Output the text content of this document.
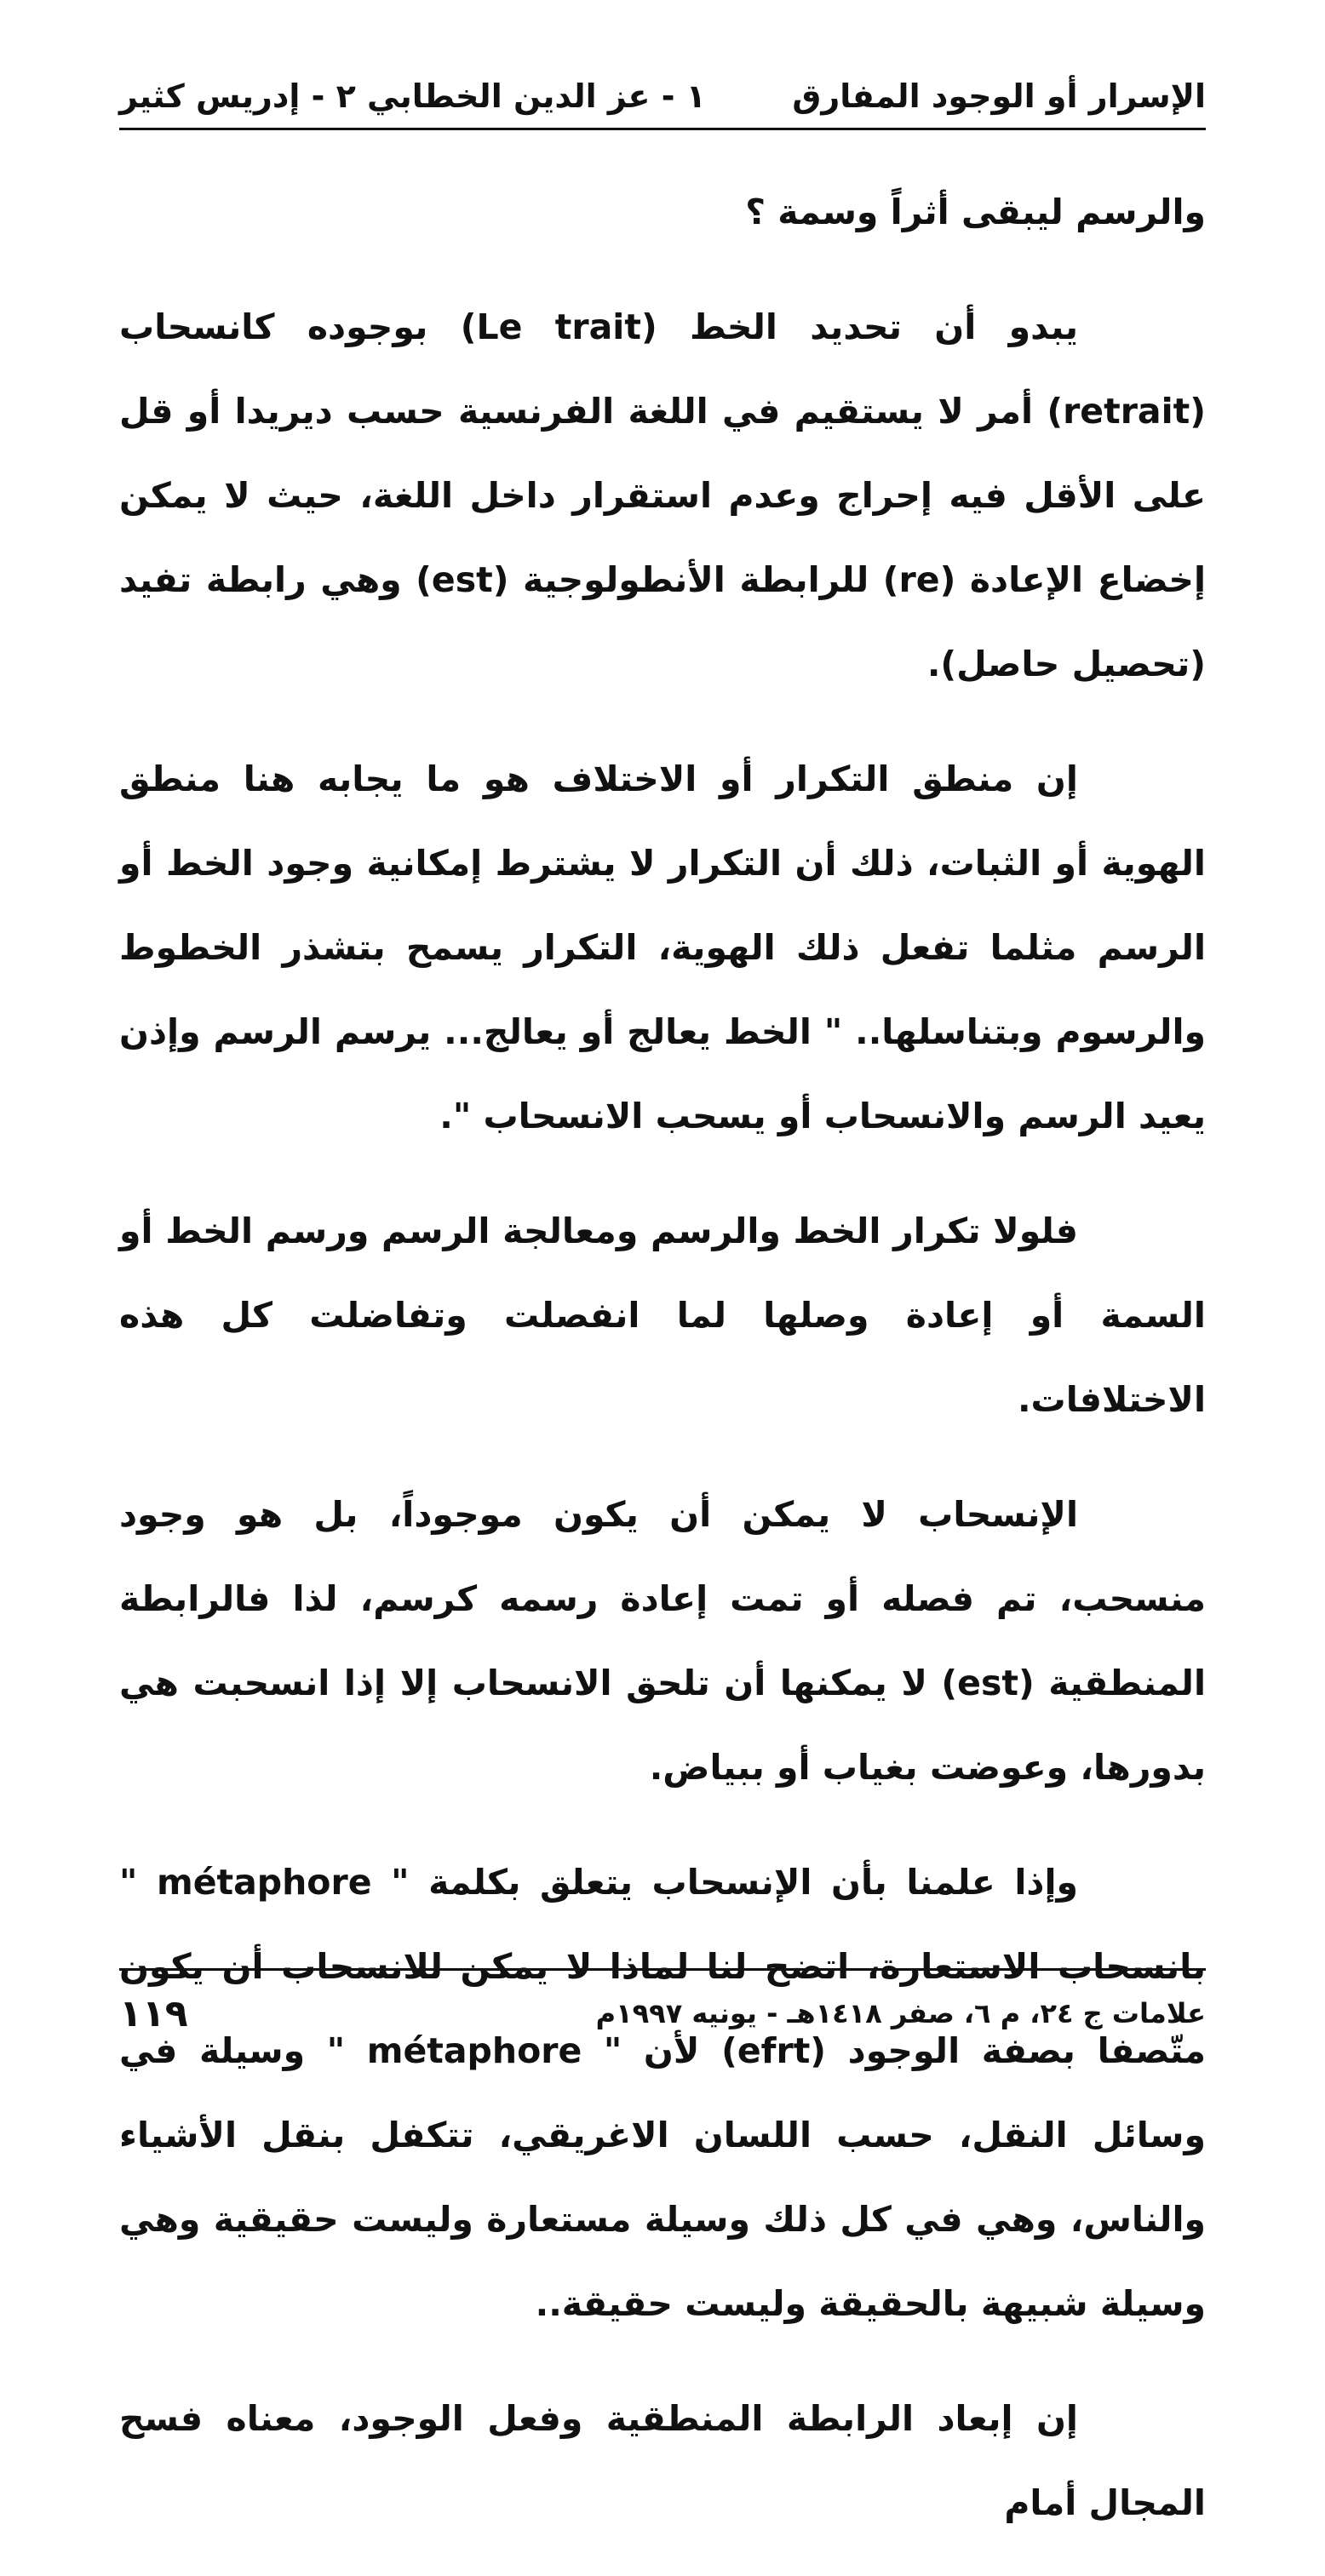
الإسرار أو الوجود المفارق
١ - عز الدين الخطابي ٢ - إدريس كثير

والرسم ليبقى أثراً وسمة ؟

يبدو أن تحديد الخط (Le trait) بوجوده كانسحاب (retrait) أمر لا يستقيم في اللغة الفرنسية حسب ديريدا أو قل على الأقل فيه إحراج وعدم استقرار داخل اللغة، حيث لا يمكن إخضاع الإعادة (re) للرابطة الأنطولوجية (est) وهي رابطة تفيد (تحصيل حاصل).

إن منطق التكرار أو الاختلاف هو ما يجابه هنا منطق الهوية أو الثبات، ذلك أن التكرار لا يشترط إمكانية وجود الخط أو الرسم مثلما تفعل ذلك الهوية، التكرار يسمح بتشذر الخطوط والرسوم وبتناسلها.. " الخط يعالج أو يعالج... يرسم الرسم وإذن يعيد الرسم والانسحاب أو يسحب الانسحاب ".

فلولا تكرار الخط والرسم ومعالجة الرسم ورسم الخط أو السمة أو إعادة وصلها لما انفصلت وتفاضلت كل هذه الاختلافات.

الإنسحاب لا يمكن أن يكون موجوداً، بل هو وجود منسحب، تم فصله أو تمت إعادة رسمه كرسم، لذا فالرابطة المنطقية (est) لا يمكنها أن تلحق الانسحاب إلا إذا انسحبت هي بدورها، وعوضت بغياب أو ببياض.

وإذا علمنا بأن الإنسحاب يتعلق بكلمة " métaphore " بانسحاب الاستعارة، اتضح لنا لماذا لا يمكن للانسحاب أن يكون متّصفا بصفة الوجود (efrt) لأن " métaphore " وسيلة في وسائل النقل، حسب اللسان الاغريقي، تتكفل بنقل الأشياء والناس، وهي في كل ذلك وسيلة مستعارة وليست حقيقية وهي وسيلة شبيهة بالحقيقة وليست حقيقة..

إن إبعاد الرابطة المنطقية وفعل الوجود، معناه فسح المجال أمام

علامات ج ٢٤، م ٦، صفر ١٤١٨هـ - يونيه ١٩٩٧م
١١٩
